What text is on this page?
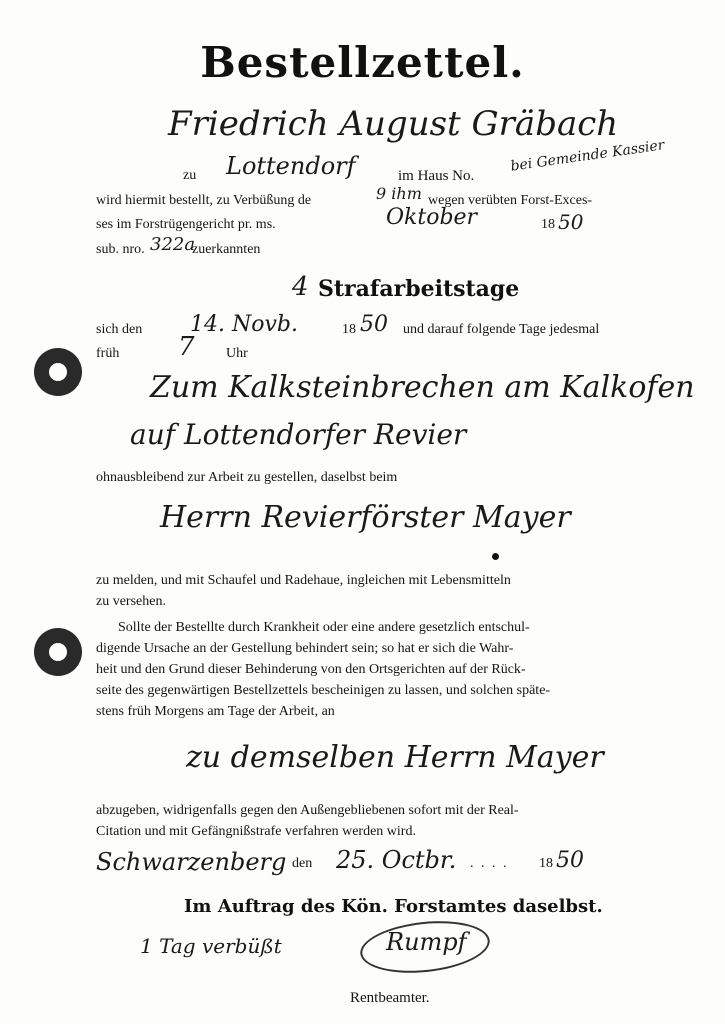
Bestellzettel.
Friedrich August Gräbach
zu Lottendorf	im Haus No.
bei Gemeinde Kassier
wird hiermit bestellt, zu Verbüßung de	9 ihm wegen verübten Forst-Exces-
ses im Forstrügengericht pr. ms.	Oktober	18 50
sub. nro. 322a
zuerkannten
4 Strafarbeitstage
sich den 14. Novb.	18 50 und darauf folgende Tage jedesmal
früh 7 Uhr
Zum Kalksteinbrechen am Kalkofen
auf Lottendorfer Revier
ohnausbleibend zur Arbeit zu gestellen, daselbst beim
Herrn Revierförster Mayer
zu melden, und mit Schaufel und Radehaue, ingleichen mit Lebensmitteln
zu versehen.
Sollte der Bestellte durch Krankheit oder eine andere gesetzlich entschul-
digende Ursache an der Gestellung behindert sein; so hat er sich die Wahr-
heit und den Grund dieser Behinderung von den Ortsgerichten auf der Rück-
seite des gegenwärtigen Bestellzettels bescheinigen zu lassen, und solchen späte-
stens früh Morgens am Tage der Arbeit, an
zu demselben Herrn Mayer
abzugeben, widrigenfalls gegen den Außengebliebenen sofort mit der Real-
Citation und mit Gefängnißstrafe verfahren werden wird.
Schwarzenberg den 25. Octbr. . . . . 18 50
Im Auftrag des Kön. Forstamtes daselbst.
1 Tag verbüßt	Rumpf
Rentbeamter.
